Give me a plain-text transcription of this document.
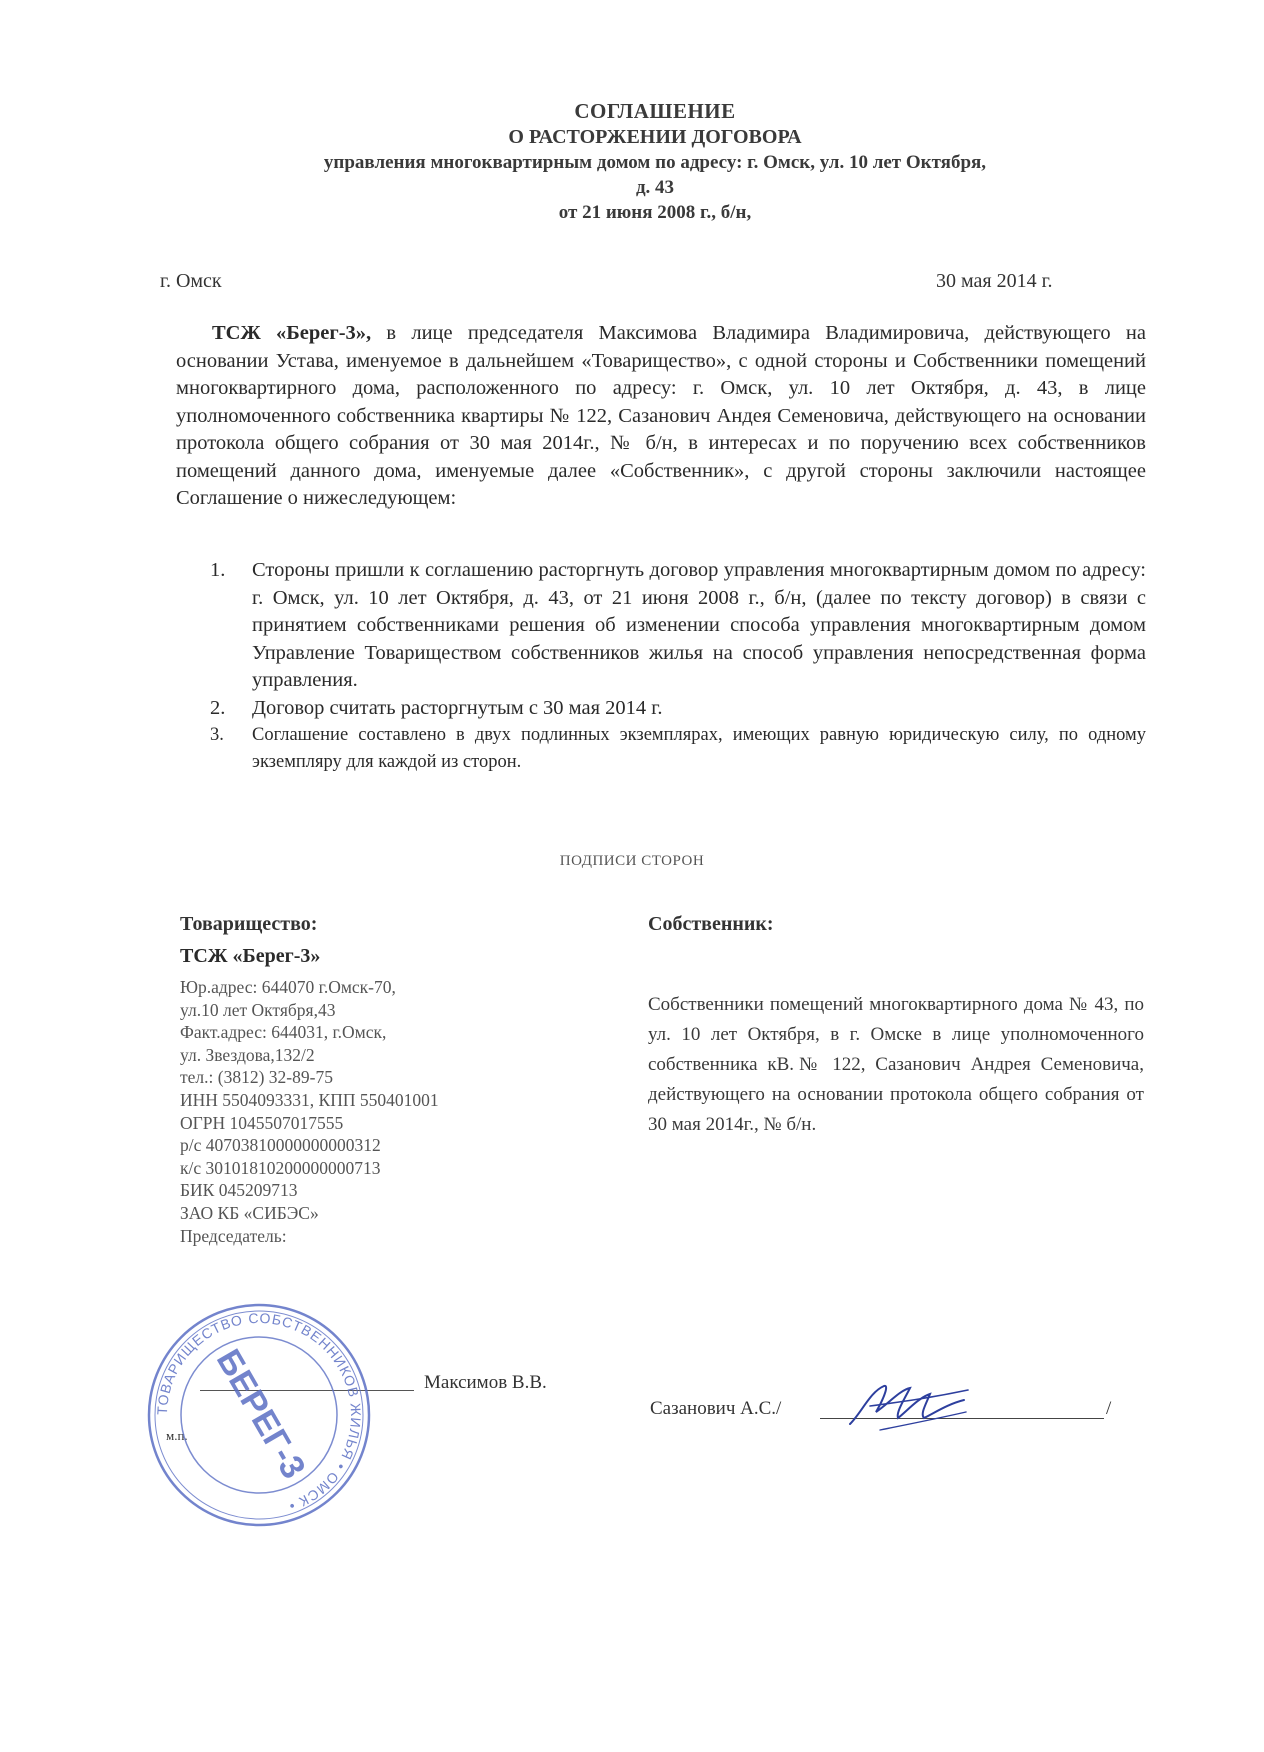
СОГЛАШЕНИЕ
О РАСТОРЖЕНИИ ДОГОВОРА
управления многоквартирным домом по адресу: г. Омск, ул. 10 лет Октября,
д. 43
от 21 июня 2008 г., б/н,
г. Омск	30 мая 2014 г.
ТСЖ «Берег-3», в лице председателя Максимова Владимира Владимировича, действующего на основании Устава, именуемое в дальнейшем «Товарищество», с одной стороны и Собственники помещений многоквартирного дома, расположенного по адресу: г. Омск, ул. 10 лет Октября, д. 43, в лице уполномоченного собственника квартиры № 122, Сазанович Андея Семеновича, действующего на основании протокола общего собрания от 30 мая 2014г., № б/н, в интересах и по поручению всех собственников помещений данного дома, именуемые далее «Собственник», с другой стороны заключили настоящее Соглашение о нижеследующем:
1. Стороны пришли к соглашению расторгнуть договор управления многоквартирным домом по адресу: г. Омск, ул. 10 лет Октября, д. 43, от 21 июня 2008 г., б/н, (далее по тексту договор) в связи с принятием собственниками решения об изменении способа управления многоквартирным домом Управление Товариществом собственников жилья на способ управления непосредственная форма управления.
2. Договор считать расторгнутым с 30 мая 2014 г.
3. Соглашение составлено в двух подлинных экземплярах, имеющих равную юридическую силу, по одному экземпляру для каждой из сторон.
ПОДПИСИ СТОРОН
Товарищество:
ТСЖ «Берег-3»
Юр.адрес: 644070 г.Омск-70,
ул.10 лет Октября,43
Факт.адрес: 644031, г.Омск,
ул. Звездова,132/2
тел.: (3812) 32-89-75
ИНН 5504093331, КПП 550401001
ОГРН 1045507017555
р/с 40703810000000000312
к/с 30101810200000000713
БИК 045209713
ЗАО КБ «СИБЭС»
Председатель:
Собственник:
Собственники помещений многоквартирного дома № 43, по ул. 10 лет Октября, в г. Омске в лице уполномоченного собственника кВ.№ 122, Сазанович Андрея Семеновича, действующего на основании протокола общего собрания от 30 мая 2014г., № б/н.
Максимов В.В.
м.п.
Сазанович А.С./	/
ТОВАРИЩЕСТВО СОБСТВЕННИКОВ ЖИЛЬЯ • ОМСК •
БЕРЕГ-3
